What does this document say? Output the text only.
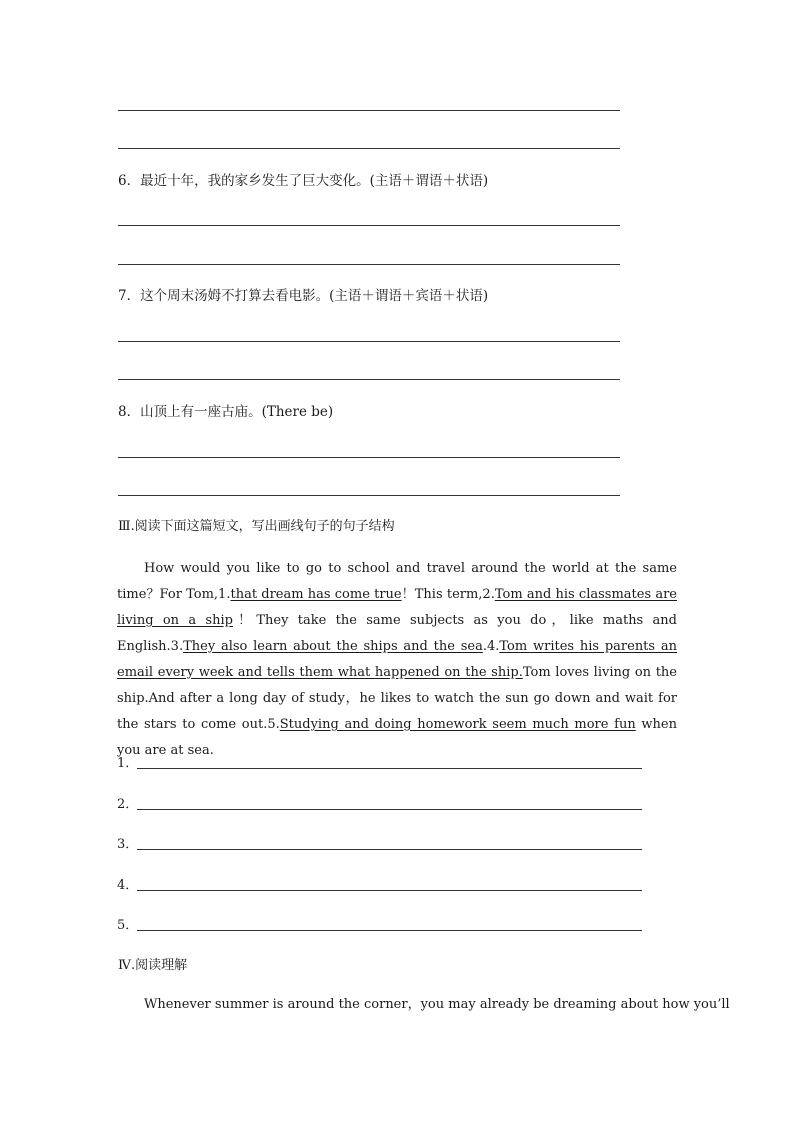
6．最近十年，我的家乡发生了巨大变化。(主语＋谓语＋状语)
7．这个周末汤姆不打算去看电影。(主语＋谓语＋宾语＋状语)
8．山顶上有一座古庙。(There be)
Ⅲ.阅读下面这篇短文，写出画线句子的句子结构
How would you like to go to school and travel around the world at the same time？For Tom,1.that dream has come true！This term,2.Tom and his classmates are living on a ship！They take the same subjects as you do，like maths and English.3.They also learn about the ships and the sea.4.Tom writes his parents an email every week and tells them what happened on the ship.Tom loves living on the ship.And after a long day of study，he likes to watch the sun go down and wait for the stars to come out.5.Studying and doing homework seem much more fun when you are at sea.
1．
2．
3．
4．
5．
Ⅳ.阅读理解
Whenever summer is around the corner，you may already be dreaming about how you’ll
